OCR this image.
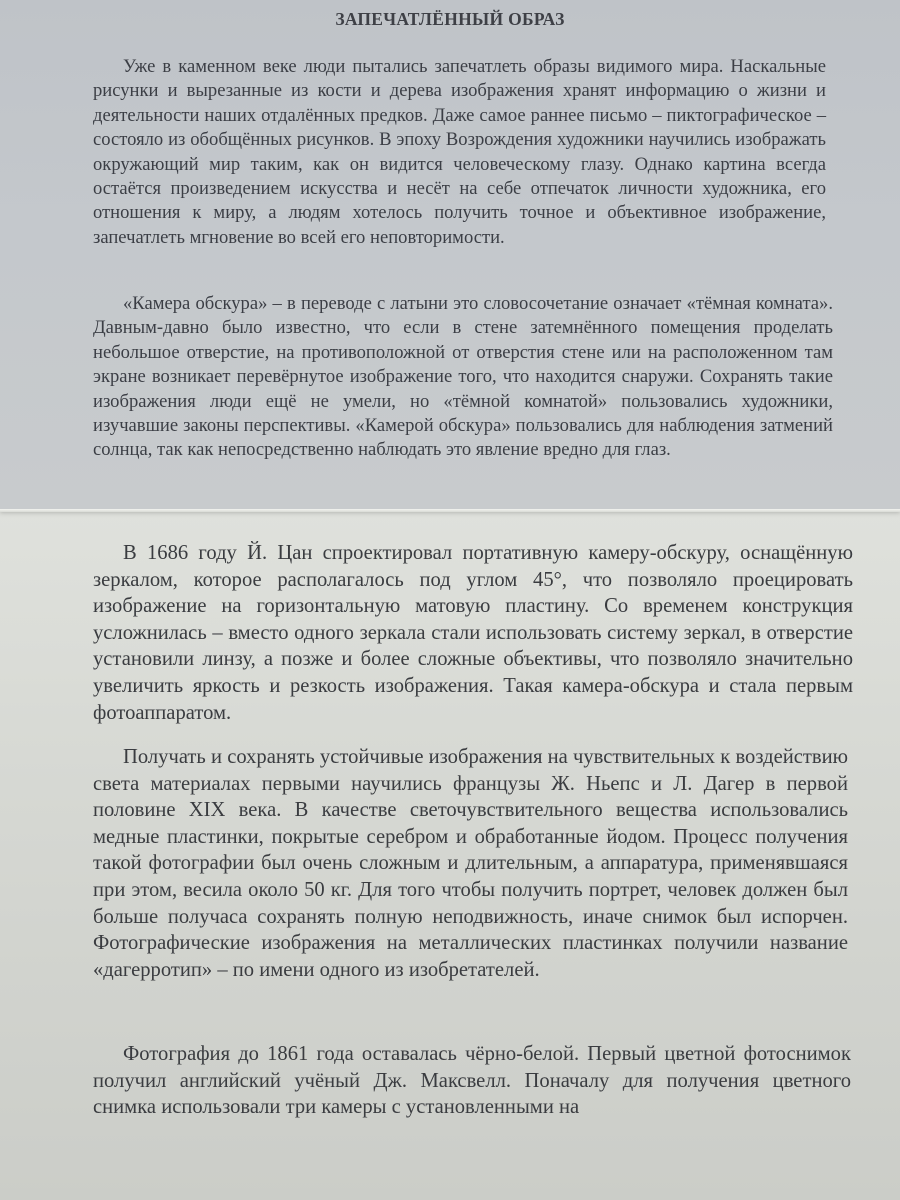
ЗАПЕЧАТЛЁННЫЙ ОБРАЗ

Уже в каменном веке люди пытались запечатлеть образы видимого мира. Наскальные рисунки и вырезанные из кости и дерева изображения хранят информацию о жизни и деятельности наших отдалённых предков. Даже самое раннее письмо – пиктографическое – состояло из обобщённых рисунков. В эпоху Возрождения художники научились изображать окружающий мир таким, как он видится человеческому глазу. Однако картина всегда остаётся произведением искусства и несёт на себе отпечаток личности художника, его отношения к миру, а людям хотелось получить точное и объективное изображение, запечатлеть мгновение во всей его неповторимости.

«Камера обскура» – в переводе с латыни это словосочетание означает «тёмная комната». Давным-давно было известно, что если в стене затемнённого помещения проделать небольшое отверстие, на противоположной от отверстия стене или на расположенном там экране возникает перевёрнутое изображение того, что находится снаружи. Сохранять такие изображения люди ещё не умели, но «тёмной комнатой» пользовались художники, изучавшие законы перспективы. «Камерой обскура» пользовались для наблюдения затмений солнца, так как непосредственно наблюдать это явление вредно для глаз.

В 1686 году Й. Цан спроектировал портативную камеру-обскуру, оснащённую зеркалом, которое располагалось под углом 45°, что позволяло проецировать изображение на горизонтальную матовую пластину. Со временем конструкция усложнилась – вместо одного зеркала стали использовать систему зеркал, в отверстие установили линзу, а позже и более сложные объективы, что позволяло значительно увеличить яркость и резкость изображения. Такая камера-обскура и стала первым фотоаппаратом.

Получать и сохранять устойчивые изображения на чувствительных к воздействию света материалах первыми научились французы Ж. Ньепс и Л. Дагер в первой половине XIX века. В качестве светочувствительного вещества использовались медные пластинки, покрытые серебром и обработанные йодом. Процесс получения такой фотографии был очень сложным и длительным, а аппаратура, применявшаяся при этом, весила около 50 кг. Для того чтобы получить портрет, человек должен был больше получаса сохранять полную неподвижность, иначе снимок был испорчен. Фотографические изображения на металлических пластинках получили название «дагерротип» – по имени одного из изобретателей.

Фотография до 1861 года оставалась чёрно-белой. Первый цветной фотоснимок получил английский учёный Дж. Максвелл. Поначалу для получения цветного снимка использовали три камеры с установленными на
